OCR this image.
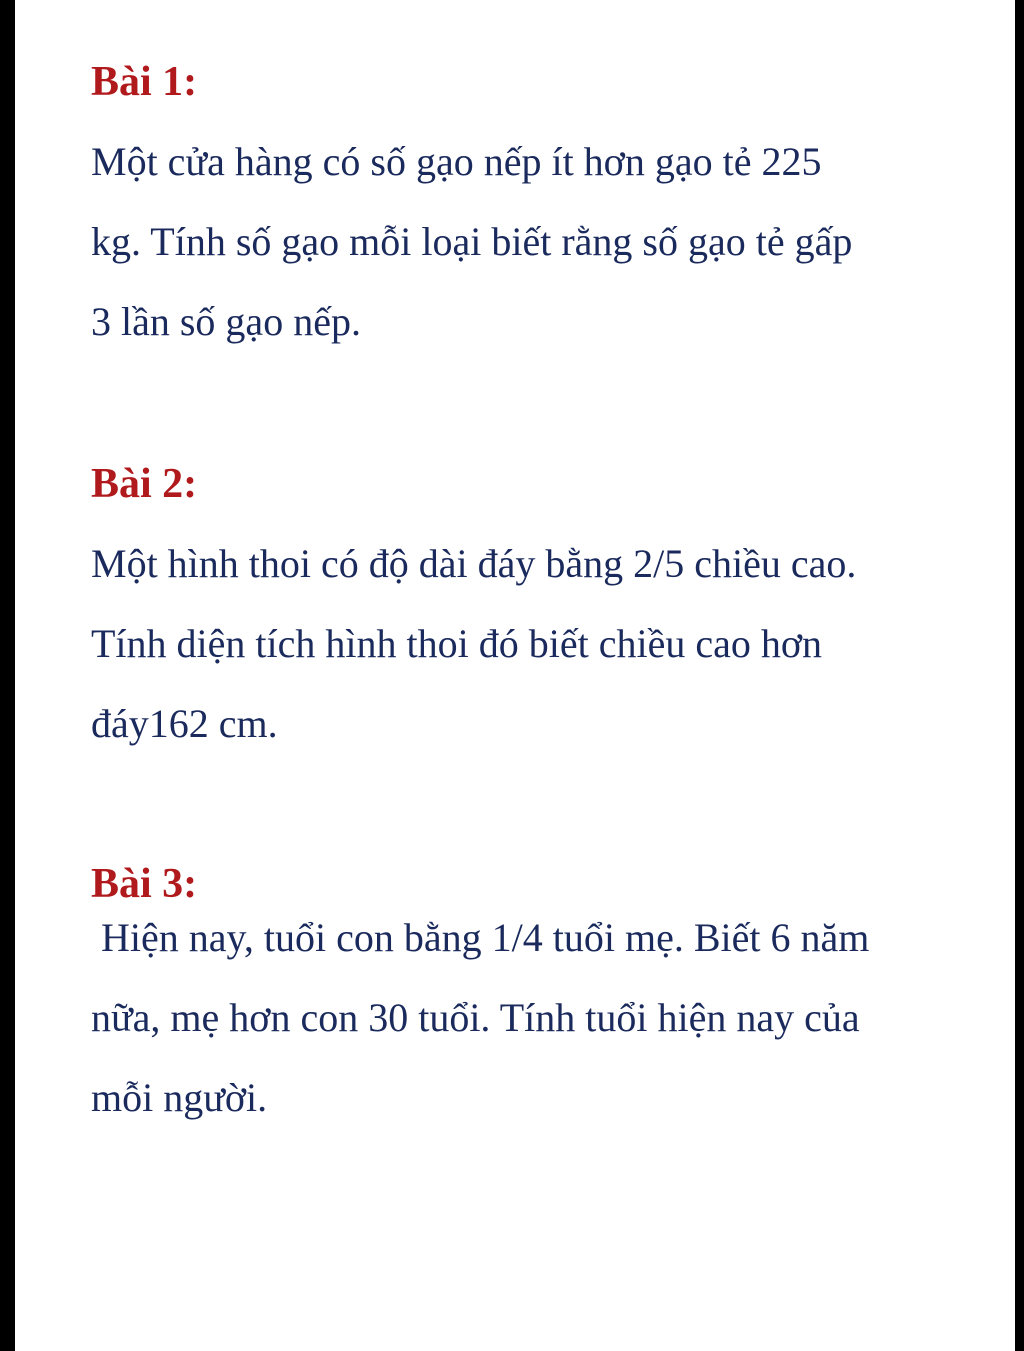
Bài 1:
Một cửa hàng có số gạo nếp ít hơn gạo tẻ 225
kg. Tính số gạo mỗi loại biết rằng số gạo tẻ gấp
3 lần số gạo nếp.
Bài 2:
Một hình thoi có độ dài đáy bằng 2/5 chiều cao.
Tính diện tích hình thoi đó biết chiều cao hơn
đáy162 cm.
Bài 3:
Hiện nay, tuổi con bằng 1/4 tuổi mẹ. Biết 6 năm
nữa, mẹ hơn con 30 tuổi. Tính tuổi hiện nay của
mỗi người.
